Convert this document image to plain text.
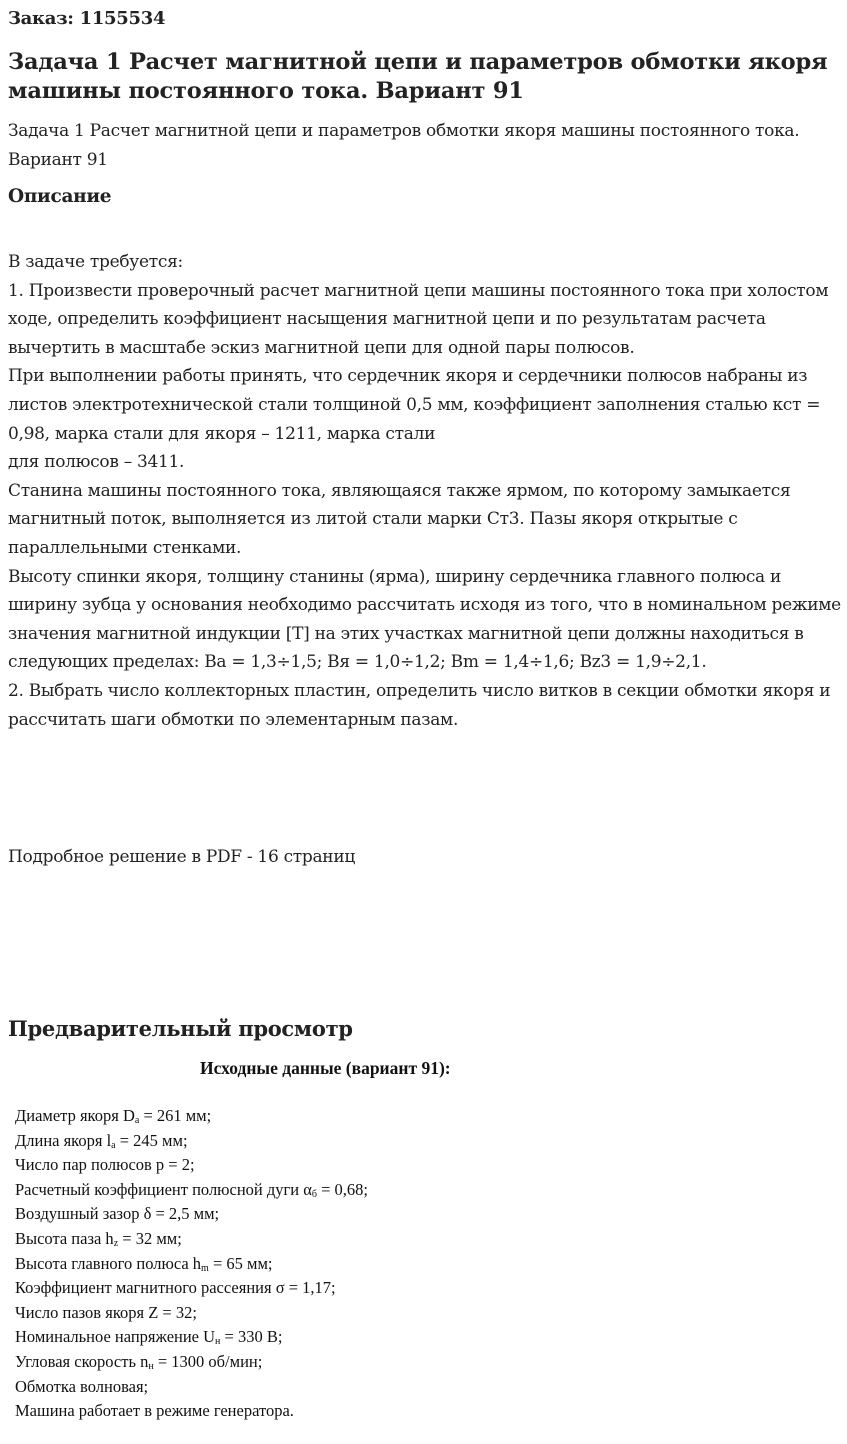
Заказ: 1155534
Задача 1 Расчет магнитной цепи и параметров обмотки якоря машины постоянного тока. Вариант 91
Задача 1 Расчет магнитной цепи и параметров обмотки якоря машины постоянного тока. Вариант 91
Описание

В задаче требуется:

1. Произвести проверочный расчет магнитной цепи машины постоянного тока при холостом ходе, определить коэффициент насыщения магнитной цепи и по результатам расчета вычертить в масштабе эскиз магнитной цепи для одной пары полюсов.

При выполнении работы принять, что сердечник якоря и сердечники полюсов набраны из листов электротехнической стали толщиной 0,5 мм, коэффициент заполнения сталью кст =

0,98, марка стали для якоря – 1211, марка стали

для полюсов – 3411.

Станина машины постоянного тока, являющаяся также ярмом, по которому замыкается магнитный поток, выполняется из литой стали марки Ст3. Пазы якоря открытые с параллельными стенками.

Высоту спинки якоря, толщину станины (ярма), ширину сердечника главного полюса и ширину зубца у основания необходимо рассчитать исходя из того, что в номинальном режиме значения магнитной индукции [Т] на этих участках магнитной цепи должны находиться в следующих пределах: Ва = 1,3÷1,5; Вя = 1,0÷1,2; Вm = 1,4÷1,6; Вz3 = 1,9÷2,1.

2. Выбрать число коллекторных пластин, определить число витков в секции обмотки якоря и рассчитать шаги обмотки по элементарным пазам.

Подробное решение в PDF - 16 страниц
Предварительный просмотр
Исходные данные (вариант 91):
Диаметр якоря $D_а = 261$ мм;
Длина якоря $l_а = 245$ мм;
Число пар полюсов р = 2;
Расчетный коэффициент полюсной дуги $\alpha_б = 0,68$;
Воздушный зазор δ = 2,5 мм;
Высота паза $h_z = 32$ мм;
Высота главного полюса $h_m = 65$ мм;
Коэффициент магнитного рассеяния σ = 1,17;
Число пазов якоря Z = 32;
Номинальное напряжение $U_н = 330$ В;
Угловая скорость $n_н = 1300$ об/мин;
Обмотка волновая;
Машина работает в режиме генератора.
